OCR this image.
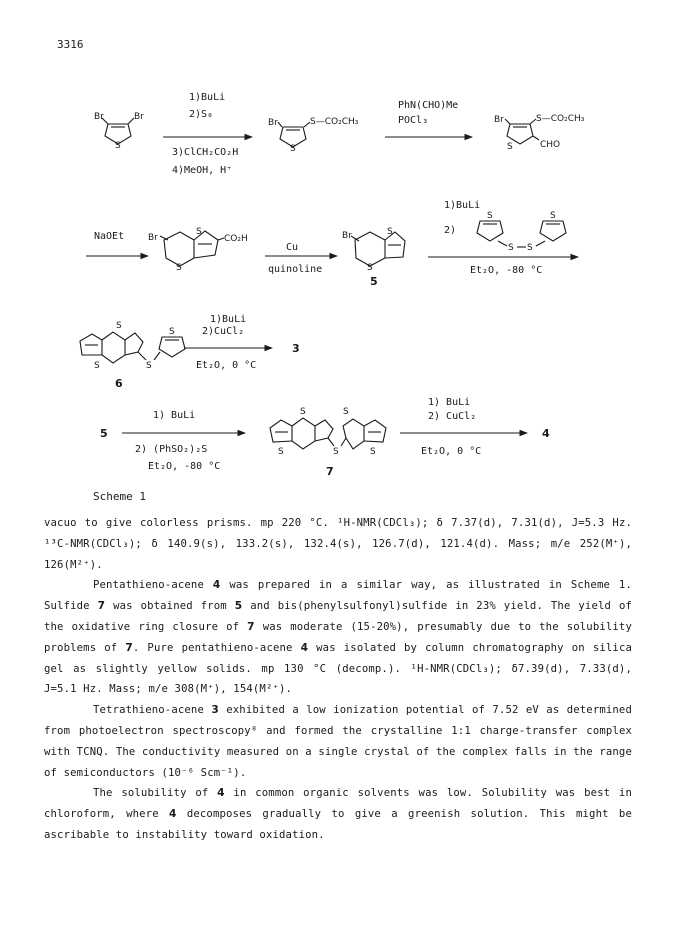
3316
Br	Br
S
1)BuLi
2)S₈
3)ClCH₂CO₂H
4)MeOH, H⁺
Br	S—CO₂CH₃
S
PhN(CHO)Me
POCl₃	Br	S—CO₂CH₃
CHO
S
NaOEt	Br
S
S
CO₂H
Cu
quinoline
Br	S
S
5
1)BuLi
2)
S	S
S S
Et₂O, -80 °C
S
S	S
S
6
1)BuLi
2)CuCl₂
Et₂O, 0 °C
3
5
1) BuLi
2) (PhSO₂)₂S
Et₂O, -80 °C
S
S	S
S
S
7
1) BuLi
2) CuCl₂
Et₂O, 0 °C
4
Scheme 1

vacuo to give colorless prisms. mp 220 °C. ¹H-NMR(CDCl₃); δ 7.37(d), 7.31(d), J=5.3 Hz. ¹³C-NMR(CDCl₃); δ 140.9(s), 133.2(s), 132.4(s), 126.7(d), 121.4(d). Mass; m/e 252(M⁺), 126(M²⁺).

Pentathieno-acene 4 was prepared in a similar way, as illustrated in Scheme 1. Sulfide 7 was obtained from 5 and bis(phenylsulfonyl)sulfide in 23% yield. The yield of the oxidative ring closure of 7 was moderate (15-20%), presumably due to the solubility problems of 7. Pure pentathieno-acene 4 was isolated by column chromatography on silica gel as slightly yellow solids. mp 130 °C (decomp.). ¹H-NMR(CDCl₃); δ7.39(d), 7.33(d), J=5.1 Hz. Mass; m/e 308(M⁺), 154(M²⁺).

Tetrathieno-acene 3 exhibited a low ionization potential of 7.52 eV as determined from photoelectron spectroscopy⁸ and formed the crystalline 1:1 charge-transfer complex with TCNQ. The conductivity measured on a single crystal of the complex falls in the range of semiconductors (10⁻⁶ Scm⁻¹).

The solubility of 4 in common organic solvents was low. Solubility was best in chloroform, where 4 decomposes gradually to give a greenish solution. This might be ascribable to instability toward oxidation.
